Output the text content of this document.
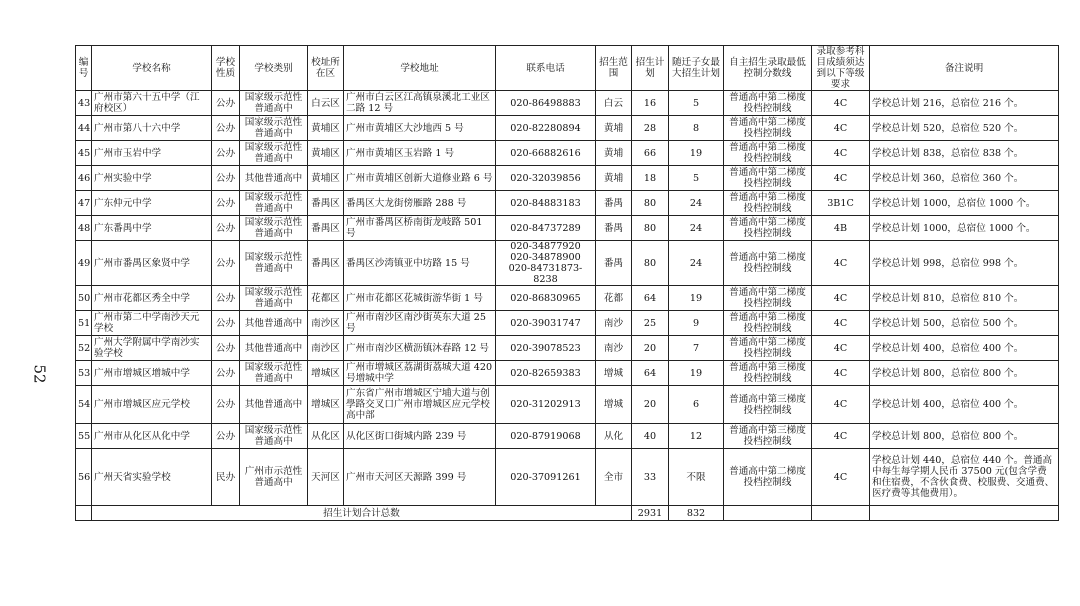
52
编号	学校名称	学校性质	学校类别	校址所在区	学校地址	联系电话	招生范围	招生计划	随迁子女最大招生计划	自主招生录取最低控制分数线	录取参考科目成绩须达到以下等级要求	备注说明
43	广州市第六十五中学（江府校区）	公办	国家级示范性普通高中	白云区	广州市白云区江高镇泉溪北工业区二路 12 号	020-86498883	白云	16	5	普通高中第二梯度投档控制线	4C	学校总计划 216，总宿位 216 个。
44	广州市第八十六中学	公办	国家级示范性普通高中	黄埔区	广州市黄埔区大沙地西 5 号	020-82280894	黄埔	28	8	普通高中第二梯度投档控制线	4C	学校总计划 520，总宿位 520 个。
45	广州市玉岩中学	公办	国家级示范性普通高中	黄埔区	广州市黄埔区玉岩路 1 号	020-66882616	黄埔	66	19	普通高中第二梯度投档控制线	4C	学校总计划 838，总宿位 838 个。
46	广州实验中学	公办	其他普通高中	黄埔区	广州市黄埔区创新大道修业路 6 号	020-32039856	黄埔	18	5	普通高中第二梯度投档控制线	4C	学校总计划 360，总宿位 360 个。
47	广东仲元中学	公办	国家级示范性普通高中	番禺区	番禺区大龙街傍雁路 288 号	020-84883183	番禺	80	24	普通高中第二梯度投档控制线	3B1C	学校总计划 1000，总宿位 1000 个。
48	广东番禺中学	公办	国家级示范性普通高中	番禺区	广州市番禺区桥南街龙岐路 501 号	020-84737289	番禺	80	24	普通高中第二梯度投档控制线	4B	学校总计划 1000，总宿位 1000 个。
49	广州市番禺区象贤中学	公办	国家级示范性普通高中	番禺区	番禺区沙湾镇亚中坊路 15 号	020-34877920
020-34878900
020-84731873-8238	番禺	80	24	普通高中第二梯度投档控制线	4C	学校总计划 998，总宿位 998 个。
50	广州市花都区秀全中学	公办	国家级示范性普通高中	花都区	广州市花都区花城街游华街 1 号	020-86830965	花都	64	19	普通高中第二梯度投档控制线	4C	学校总计划 810，总宿位 810 个。
51	广州市第二中学南沙天元学校	公办	其他普通高中	南沙区	广州市南沙区南沙街英东大道 25 号	020-39031747	南沙	25	9	普通高中第二梯度投档控制线	4C	学校总计划 500，总宿位 500 个。
52	广州大学附属中学南沙实验学校	公办	其他普通高中	南沙区	广州市南沙区横沥镇沐春路 12 号	020-39078523	南沙	20	7	普通高中第二梯度投档控制线	4C	学校总计划 400，总宿位 400 个。
53	广州市增城区增城中学	公办	国家级示范性普通高中	增城区	广州市增城区荔湖街荔城大道 420 号增城中学	020-82659383	增城	64	19	普通高中第三梯度投档控制线	4C	学校总计划 800，总宿位 800 个。
54	广州市增城区应元学校	公办	其他普通高中	增城区	广东省广州市增城区宁埔大道与创學路交叉口广州市增城区应元学校高中部	020-31202913	增城	20	6	普通高中第三梯度投档控制线	4C	学校总计划 400，总宿位 400 个。
55	广州市从化区从化中学	公办	国家级示范性普通高中	从化区	从化区街口街城内路 239 号	020-87919068	从化	40	12	普通高中第三梯度投档控制线	4C	学校总计划 800，总宿位 800 个。
56	广州天省实验学校	民办	广州市示范性普通高中	天河区	广州市天河区天源路 399 号	020-37091261	全市	33	不限	普通高中第二梯度投档控制线	4C	学校总计划 440，总宿位 440 个。普通高中每生每学期人民币 37500 元(包含学费和住宿费，不含伙食费、校服费、交通费、医疗费等其他费用）。
	招生计划合计总数							2931	832			
